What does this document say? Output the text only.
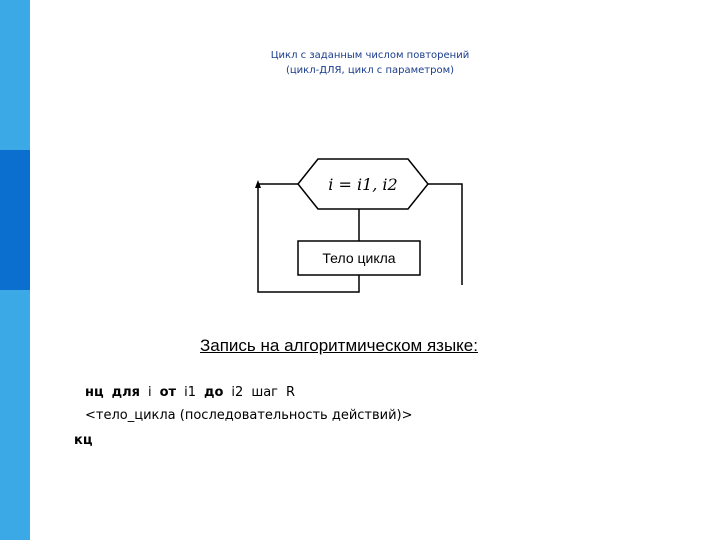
Цикл с заданным числом повторений
(цикл-ДЛЯ, цикл с параметром)
i = i1, i2
Тело цикла
Запись на алгоритмическом языке:
нц для i от i1 до i2 шаг R
<тело_цикла (последовательность действий)>
кц
